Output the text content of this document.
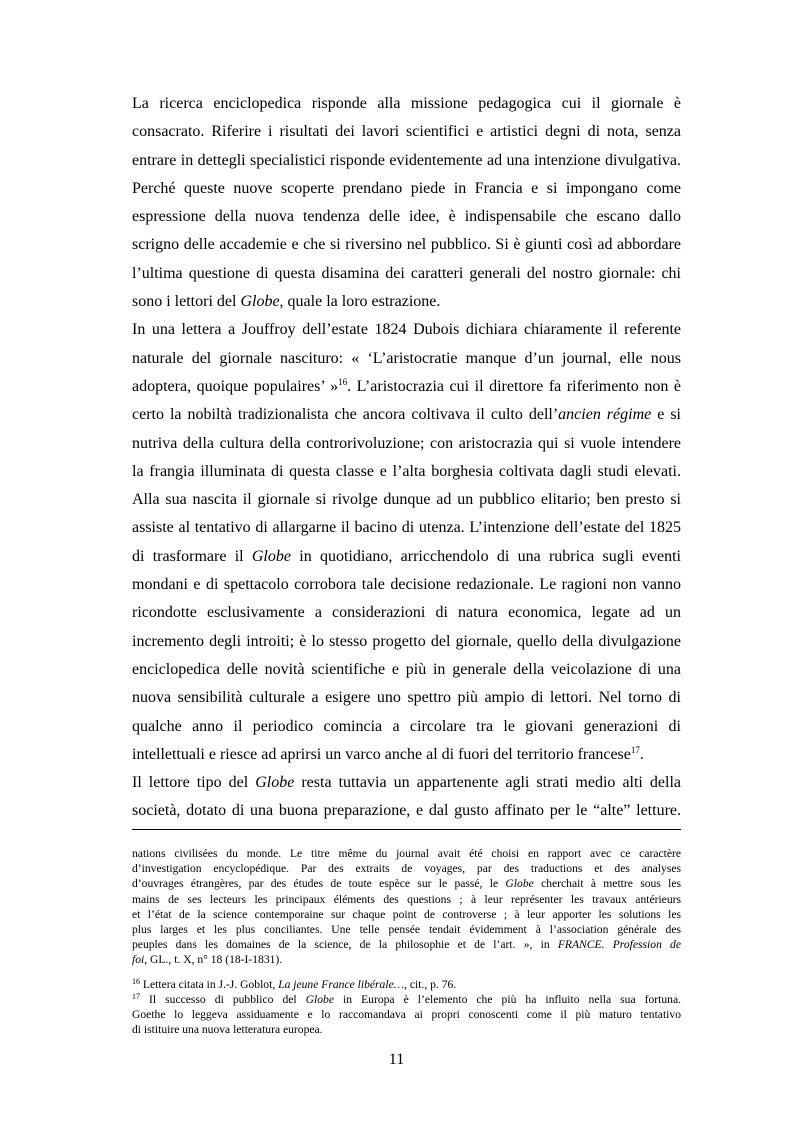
La ricerca enciclopedica risponde alla missione pedagogica cui il giornale è
consacrato. Riferire i risultati dei lavori scientifici e artistici degni di nota, senza
entrare in dettegli specialistici risponde evidentemente ad una intenzione divulgativa.
Perché queste nuove scoperte prendano piede in Francia e si impongano come
espressione della nuova tendenza delle idee, è indispensabile che escano dallo
scrigno delle accademie e che si riversino nel pubblico. Si è giunti così ad abbordare
l’ultima questione di questa disamina dei caratteri generali del nostro giornale: chi
sono i lettori del Globe, quale la loro estrazione.
In una lettera a Jouffroy dell’estate 1824 Dubois dichiara chiaramente il referente
naturale del giornale nascituro: « ‘L’aristocratie manque d’un journal, elle nous
adoptera, quoique populaires’ »$^{16}$. L’aristocrazia cui il direttore fa riferimento non è
certo la nobiltà tradizionalista che ancora coltivava il culto dell’ancien régime e si
nutriva della cultura della controrivoluzione; con aristocrazia qui si vuole intendere
la frangia illuminata di questa classe e l’alta borghesia coltivata dagli studi elevati.
Alla sua nascita il giornale si rivolge dunque ad un pubblico elitario; ben presto si
assiste al tentativo di allargarne il bacino di utenza. L’intenzione dell’estate del 1825
di trasformare il Globe in quotidiano, arricchendolo di una rubrica sugli eventi
mondani e di spettacolo corrobora tale decisione redazionale. Le ragioni non vanno
ricondotte esclusivamente a considerazioni di natura economica, legate ad un
incremento degli introiti; è lo stesso progetto del giornale, quello della divulgazione
enciclopedica delle novità scientifiche e più in generale della veicolazione di una
nuova sensibilità culturale a esigere uno spettro più ampio di lettori. Nel torno di
qualche anno il periodico comincia a circolare tra le giovani generazioni di
intellettuali e riesce ad aprirsi un varco anche al di fuori del territorio francese$^{17}$.
Il lettore tipo del Globe resta tuttavia un appartenente agli strati medio alti della
società, dotato di una buona preparazione, e dal gusto affinato per le “alte” letture.
nations civilisées du monde. Le titre même du journal avait été choisi en rapport avec ce caractère
d’investigation encyclopédique. Par des extraits de voyages, par des traductions et des analyses
d’ouvrages étrangères, par des études de toute espèce sur le passé, le Globe cherchait à mettre sous les
mains de ses lecteurs les principaux éléments des questions ; à leur représenter les travaux antérieurs
et l’état de la science contemporaine sur chaque point de controverse ; à leur apporter les solutions les
plus larges et les plus conciliantes. Une telle pensée tendait évidemment à l’association générale des
peuples dans les domaines de la science, de la philosophie et de l’art. », in FRANCE. Profession de
foi, GL., t. X, n° 18 (18-I-1831).
$^{16}$ Lettera citata in J.-J. Goblot, La jeune France libérale…, cit., p. 76.
$^{17}$ Il successo di pubblico del Globe in Europa è l’elemento che più ha influito nella sua fortuna.
Goethe lo leggeva assiduamente e lo raccomandava ai propri conoscenti come il più maturo tentativo
di istituire una nuova letteratura europea.
11
